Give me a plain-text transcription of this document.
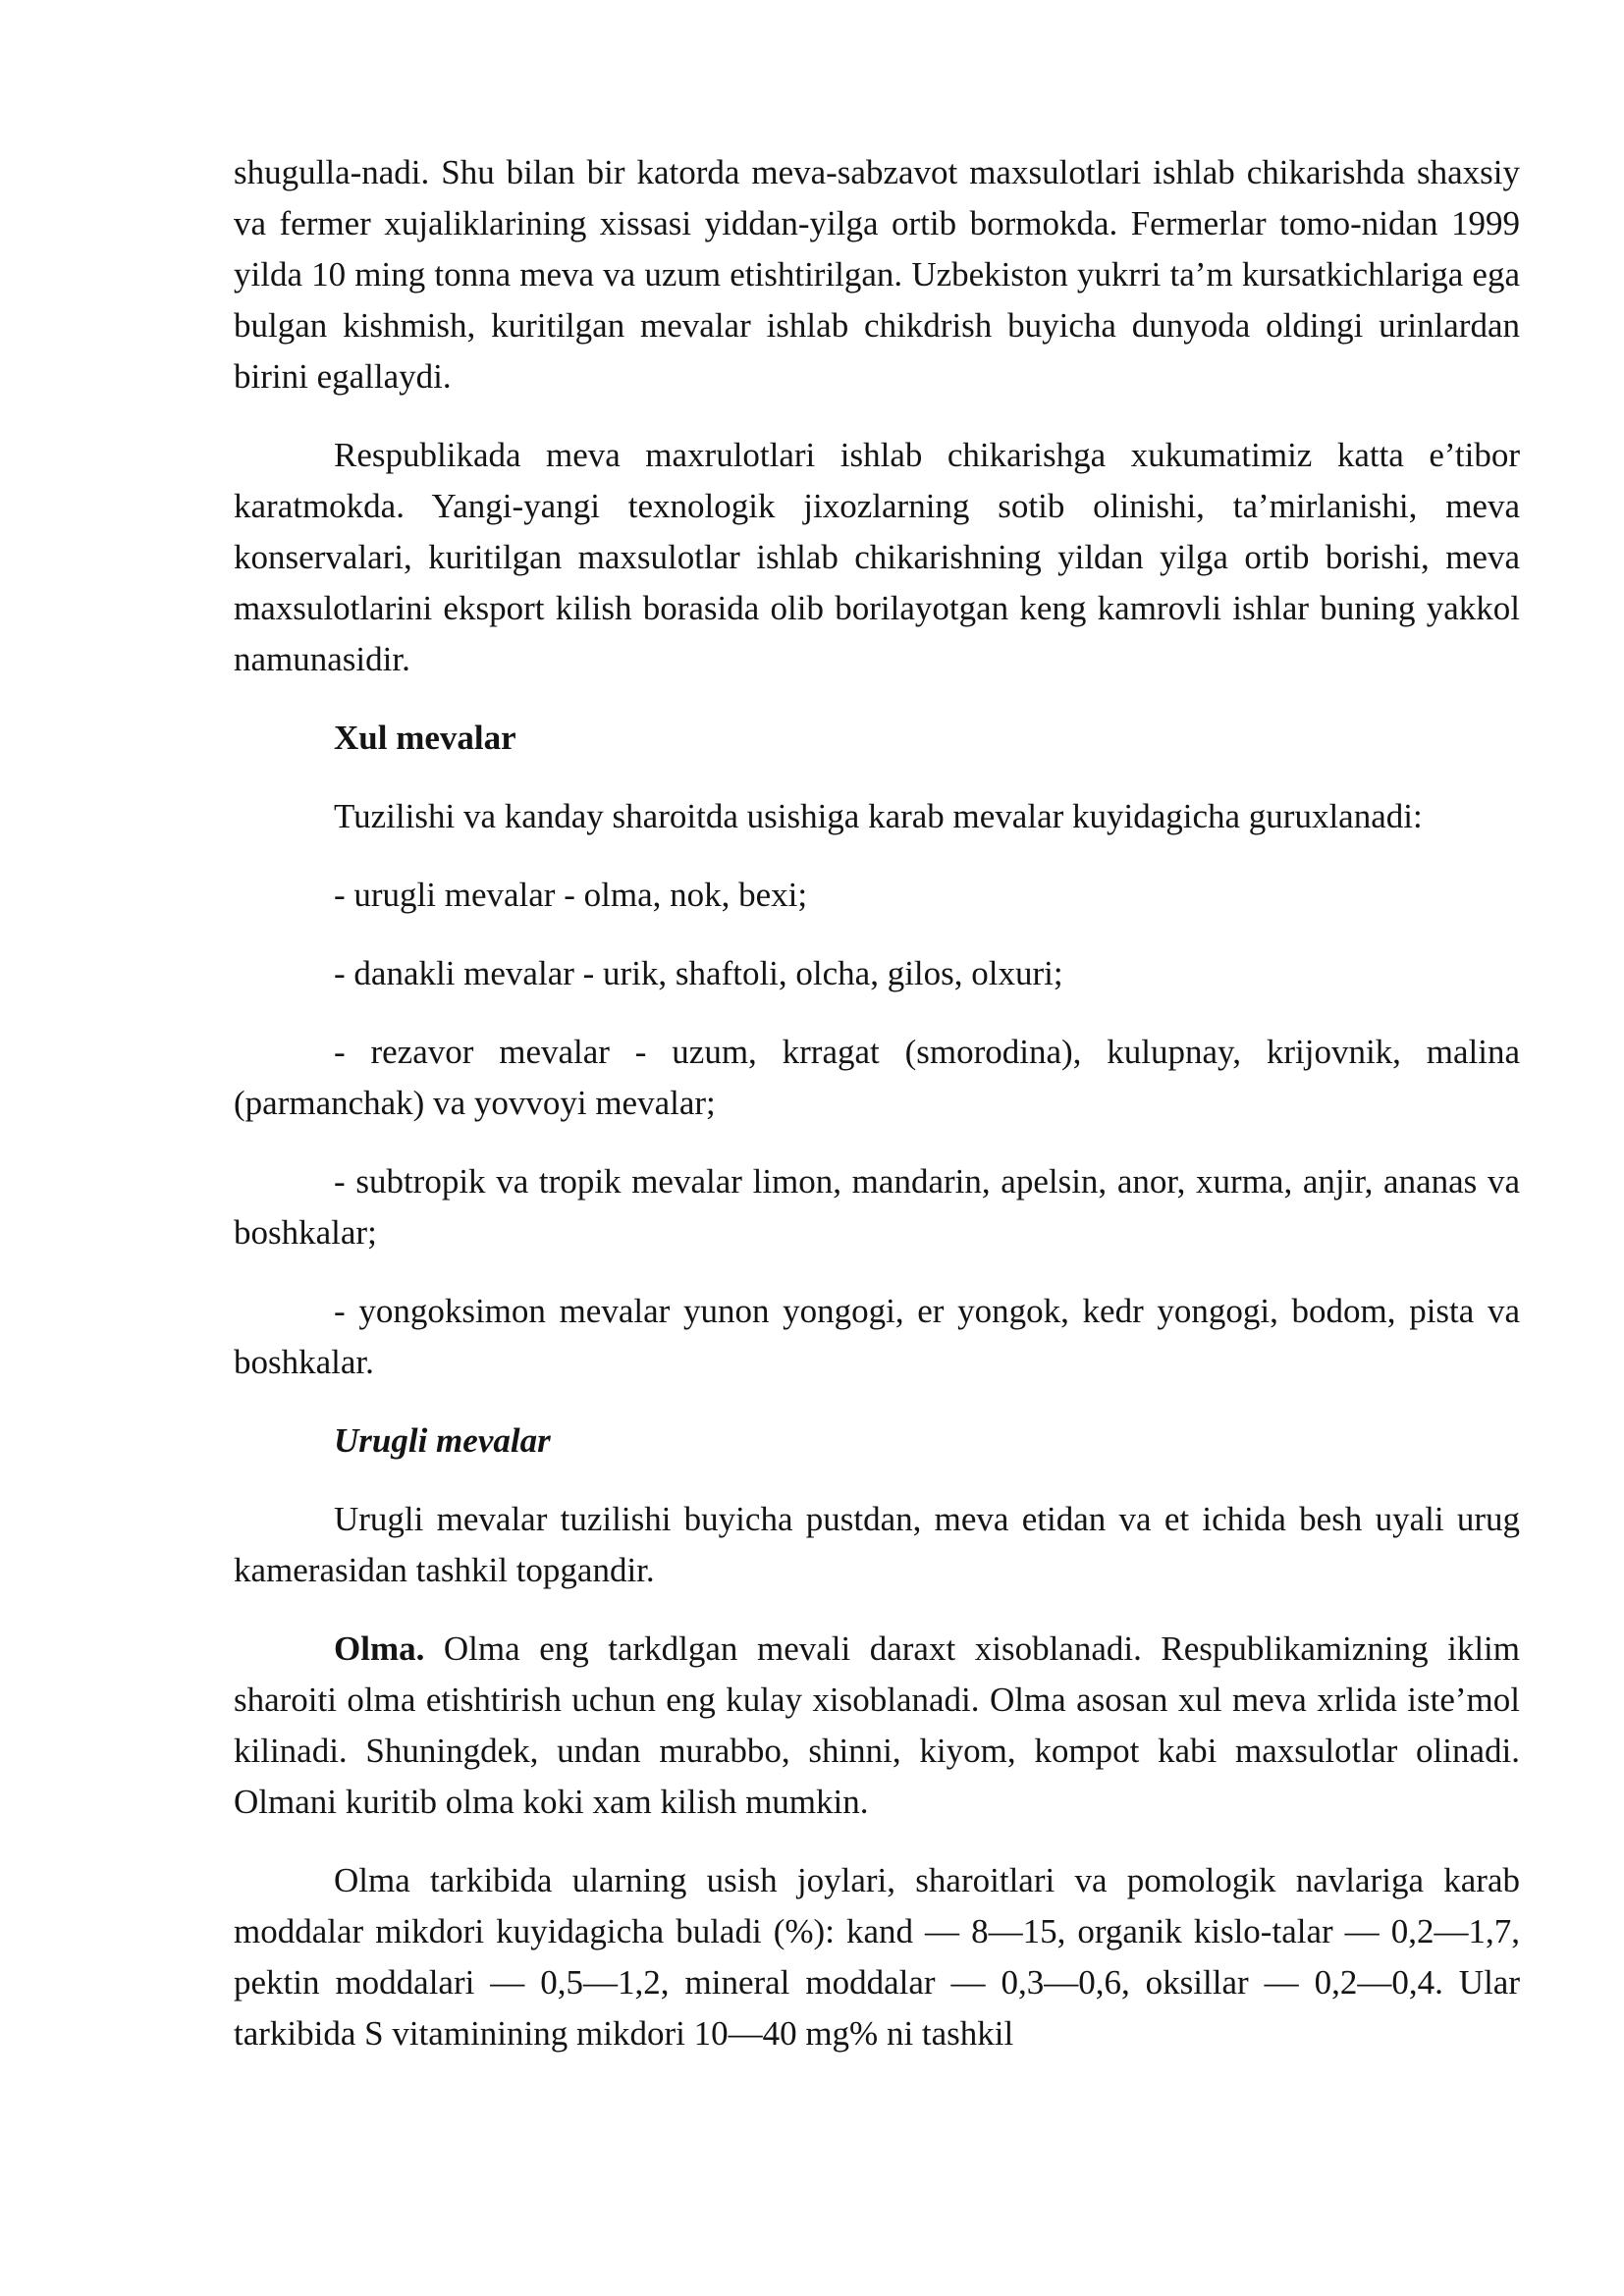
shugulla-nadi. Shu bilan bir katorda meva-sabzavot maxsulotlari ishlab chikarishda shaxsiy va fermer xujaliklarining xissasi yiddan-yilga ortib bormokda. Fermerlar tomo-nidan 1999 yilda 10 ming tonna meva va uzum etishtirilgan. Uzbekiston yukrri ta’m kursatkichlariga ega bulgan kishmish, kuritilgan mevalar ishlab chikdrish buyicha dunyoda oldingi urinlardan birini egallaydi.

Respublikada meva maxrulotlari ishlab chikarishga xukumatimiz katta e’tibor karatmokda. Yangi-yangi texnologik jixozlarning sotib olinishi, ta’mirlanishi, meva konservalari, kuritilgan maxsulotlar ishlab chikarishning yildan yilga ortib borishi, meva maxsulotlarini eksport kilish borasida olib borilayotgan keng kamrovli ishlar buning yakkol namunasidir.

Xul mevalar

Tuzilishi va kanday sharoitda usishiga karab mevalar kuyidagicha guruxlanadi:

- urugli mevalar - olma, nok, bexi;

- danakli mevalar - urik, shaftoli, olcha, gilos, olxuri;

- rezavor mevalar - uzum, krragat (smorodina), kulupnay, krijovnik, malina (parmanchak) va yovvoyi mevalar;

- subtropik va tropik mevalar limon, mandarin, apelsin, anor, xurma, anjir, ananas va boshkalar;

- yongoksimon mevalar yunon yongogi, er yongok, kedr yongogi, bodom, pista va boshkalar.

Urugli mevalar

Urugli mevalar tuzilishi buyicha pustdan, meva etidan va et ichida besh uyali urug kamerasidan tashkil topgandir.

Olma. Olma eng tarkdlgan mevali daraxt xisoblanadi. Respublikamizning iklim sharoiti olma etishtirish uchun eng kulay xisoblanadi. Olma asosan xul meva xrlida iste’mol kilinadi. Shuningdek, undan murabbo, shinni, kiyom, kompot kabi maxsulotlar olinadi. Olmani kuritib olma koki xam kilish mumkin.

Olma tarkibida ularning usish joylari, sharoitlari va pomologik navlariga karab moddalar mikdori kuyidagicha buladi (%): kand — 8—15, organik kislo-talar — 0,2—1,7, pektin moddalari — 0,5—1,2, mineral moddalar — 0,3—0,6, oksillar — 0,2—0,4. Ular tarkibida S vitaminining mikdori 10—40 mg% ni tashkil
